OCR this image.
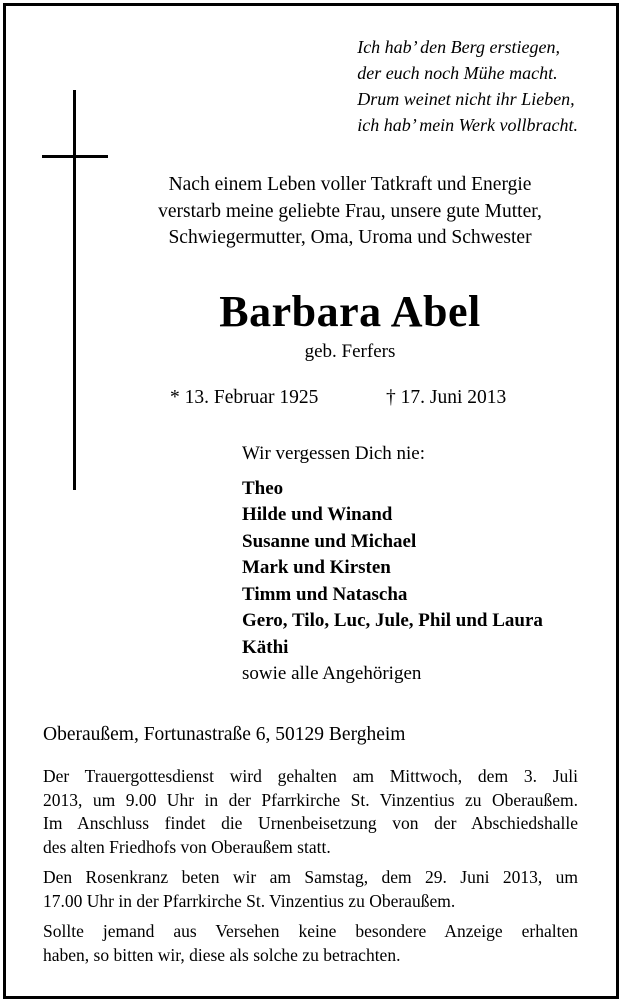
Ich hab’ den Berg erstiegen,
der euch noch Mühe macht.
Drum weinet nicht ihr Lieben,
ich hab’ mein Werk vollbracht.
Nach einem Leben voller Tatkraft und Energie
verstarb meine geliebte Frau, unsere gute Mutter,
Schwiegermutter, Oma, Uroma und Schwester
Barbara Abel
geb. Ferfers
* 13. Februar 1925	† 17. Juni 2013
Wir vergessen Dich nie:
Theo
Hilde und Winand
Susanne und Michael
Mark und Kirsten
Timm und Natascha
Gero, Tilo, Luc, Jule, Phil und Laura
Käthi
sowie alle Angehörigen
Oberaußem, Fortunastraße 6, 50129 Bergheim
Der Trauergottesdienst wird gehalten am Mittwoch, dem 3. Juli
2013, um 9.00 Uhr in der Pfarrkirche St. Vinzentius zu Oberaußem.
Im Anschluss findet die Urnenbeisetzung von der Abschiedshalle
des alten Friedhofs von Oberaußem statt.
Den Rosenkranz beten wir am Samstag, dem 29. Juni 2013, um
17.00 Uhr in der Pfarrkirche St. Vinzentius zu Oberaußem.
Sollte jemand aus Versehen keine besondere Anzeige erhalten
haben, so bitten wir, diese als solche zu betrachten.
